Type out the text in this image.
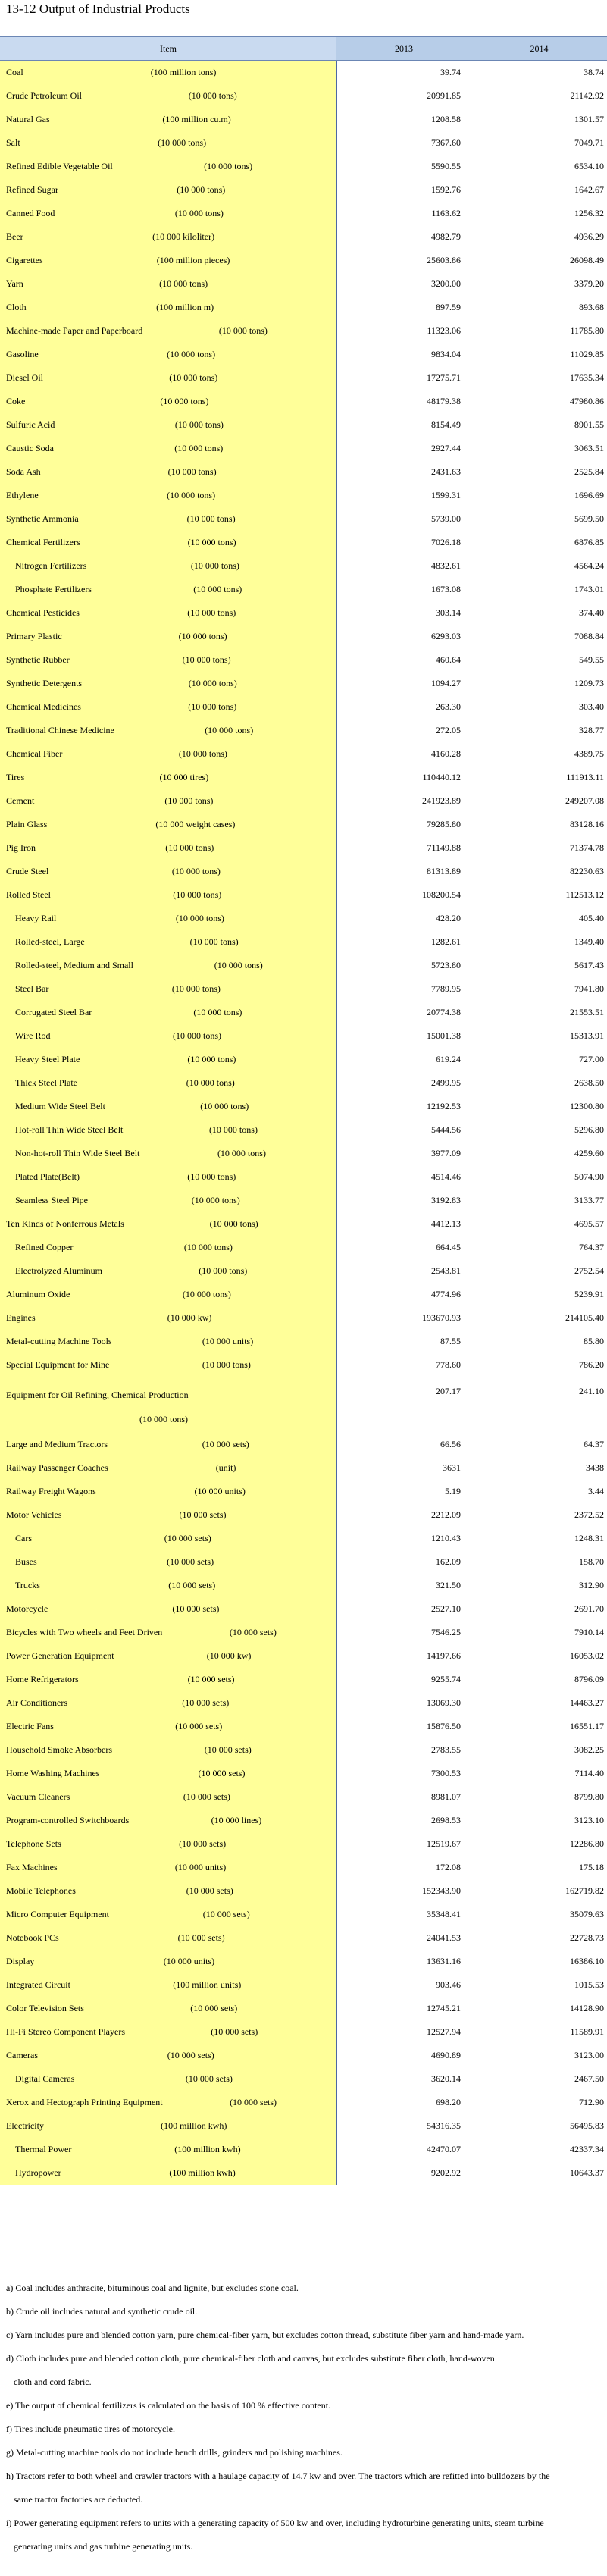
13-12 Output of Industrial Products
Item	2013	2014

Coal (100 million tons)	39.74	38.74

Crude Petroleum Oil (10 000 tons)	20991.85	21142.92

Natural Gas (100 million cu.m)	1208.58	1301.57

Salt (10 000 tons)	7367.60	7049.71

Refined Edible Vegetable Oil (10 000 tons)	5590.55	6534.10

Refined Sugar (10 000 tons)	1592.76	1642.67

Canned Food (10 000 tons)	1163.62	1256.32

Beer (10 000 kiloliter)	4982.79	4936.29

Cigarettes (100 million pieces)	25603.86	26098.49

Yarn (10 000 tons)	3200.00	3379.20

Cloth (100 million m)	897.59	893.68

Machine-made Paper and Paperboard (10 000 tons)	11323.06	11785.80

Gasoline (10 000 tons)	9834.04	11029.85

Diesel Oil (10 000 tons)	17275.71	17635.34

Coke (10 000 tons)	48179.38	47980.86

Sulfuric Acid (10 000 tons)	8154.49	8901.55

Caustic Soda (10 000 tons)	2927.44	3063.51

Soda Ash (10 000 tons)	2431.63	2525.84

Ethylene (10 000 tons)	1599.31	1696.69

Synthetic Ammonia (10 000 tons)	5739.00	5699.50

Chemical Fertilizers (10 000 tons)	7026.18	6876.85

Nitrogen Fertilizers (10 000 tons)	4832.61	4564.24

Phosphate Fertilizers (10 000 tons)	1673.08	1743.01

Chemical Pesticides (10 000 tons)	303.14	374.40

Primary Plastic (10 000 tons)	6293.03	7088.84

Synthetic Rubber (10 000 tons)	460.64	549.55

Synthetic Detergents (10 000 tons)	1094.27	1209.73

Chemical Medicines (10 000 tons)	263.30	303.40

Traditional Chinese Medicine (10 000 tons)	272.05	328.77

Chemical Fiber (10 000 tons)	4160.28	4389.75

Tires (10 000 tires)	110440.12	111913.11

Cement (10 000 tons)	241923.89	249207.08

Plain Glass (10 000 weight cases)	79285.80	83128.16

Pig Iron (10 000 tons)	71149.88	71374.78

Crude Steel (10 000 tons)	81313.89	82230.63

Rolled Steel (10 000 tons)	108200.54	112513.12

Heavy Rail (10 000 tons)	428.20	405.40

Rolled-steel, Large (10 000 tons)	1282.61	1349.40

Rolled-steel, Medium and Small (10 000 tons)	5723.80	5617.43

Steel Bar (10 000 tons)	7789.95	7941.80

Corrugated Steel Bar (10 000 tons)	20774.38	21553.51

Wire Rod (10 000 tons)	15001.38	15313.91

Heavy Steel Plate (10 000 tons)	619.24	727.00

Thick Steel Plate (10 000 tons)	2499.95	2638.50

Medium Wide Steel Belt (10 000 tons)	12192.53	12300.80

Hot-roll Thin Wide Steel Belt (10 000 tons)	5444.56	5296.80

Non-hot-roll Thin Wide Steel Belt (10 000 tons)	3977.09	4259.60

Plated Plate(Belt) (10 000 tons)	4514.46	5074.90

Seamless Steel Pipe (10 000 tons)	3192.83	3133.77

Ten Kinds of Nonferrous Metals (10 000 tons)	4412.13	4695.57

Refined Copper (10 000 tons)	664.45	764.37

Electrolyzed Aluminum (10 000 tons)	2543.81	2752.54

Aluminum Oxide (10 000 tons)	4774.96	5239.91

Engines (10 000 kw)	193670.93	214105.40

Metal-cutting Machine Tools (10 000 units)	87.55	85.80

Special Equipment for Mine (10 000 tons)	778.60	786.20

Equipment for Oil Refining, Chemical Production
(10 000 tons)	207.17	241.10

Large and Medium Tractors (10 000 sets)	66.56	64.37

Railway Passenger Coaches (unit)	3631	3438

Railway Freight Wagons (10 000 units)	5.19	3.44

Motor Vehicles (10 000 sets)	2212.09	2372.52

Cars (10 000 sets)	1210.43	1248.31

Buses (10 000 sets)	162.09	158.70

Trucks (10 000 sets)	321.50	312.90

Motorcycle (10 000 sets)	2527.10	2691.70

Bicycles with Two wheels and Feet Driven (10 000 sets)	7546.25	7910.14

Power Generation Equipment (10 000 kw)	14197.66	16053.02

Home Refrigerators (10 000 sets)	9255.74	8796.09

Air Conditioners (10 000 sets)	13069.30	14463.27

Electric Fans (10 000 sets)	15876.50	16551.17

Household Smoke Absorbers (10 000 sets)	2783.55	3082.25

Home Washing Machines (10 000 sets)	7300.53	7114.40

Vacuum Cleaners (10 000 sets)	8981.07	8799.80

Program-controlled Switchboards (10 000 lines)	2698.53	3123.10

Telephone Sets (10 000 sets)	12519.67	12286.80

Fax Machines (10 000 units)	172.08	175.18

Mobile Telephones (10 000 sets)	152343.90	162719.82

Micro Computer Equipment (10 000 sets)	35348.41	35079.63

Notebook PCs (10 000 sets)	24041.53	22728.73

Display (10 000 units)	13631.16	16386.10

Integrated Circuit (100 million units)	903.46	1015.53

Color Television Sets (10 000 sets)	12745.21	14128.90

Hi-Fi Stereo Component Players (10 000 sets)	12527.94	11589.91

Cameras (10 000 sets)	4690.89	3123.00

Digital Cameras (10 000 sets)	3620.14	2467.50

Xerox and Hectograph Printing Equipment (10 000 sets)	698.20	712.90

Electricity (100 million kwh)	54316.35	56495.83

Thermal Power (100 million kwh)	42470.07	42337.34

Hydropower (100 million kwh)	9202.92	10643.37
a) Coal includes anthracite, bituminous coal and lignite, but excludes stone coal.
b) Crude oil includes natural and synthetic crude oil.
c) Yarn includes pure and blended cotton yarn, pure chemical-fiber yarn, but excludes cotton thread, substitute fiber yarn and hand-made yarn.
d) Cloth includes pure and blended cotton cloth, pure chemical-fiber cloth and canvas, but excludes substitute fiber cloth, hand-woven
cloth and cord fabric.
e) The output of chemical fertilizers is calculated on the basis of 100 % effective content.
f) Tires include pneumatic tires of motorcycle.
g) Metal-cutting machine tools do not include bench drills, grinders and polishing machines.
h) Tractors refer to both wheel and crawler tractors with a haulage capacity of 14.7 kw and over. The tractors which are refitted into bulldozers by the
same tractor factories are deducted.
i) Power generating equipment refers to units with a generating capacity of 500 kw and over, including hydroturbine generating units, steam turbine
generating units and gas turbine generating units.
